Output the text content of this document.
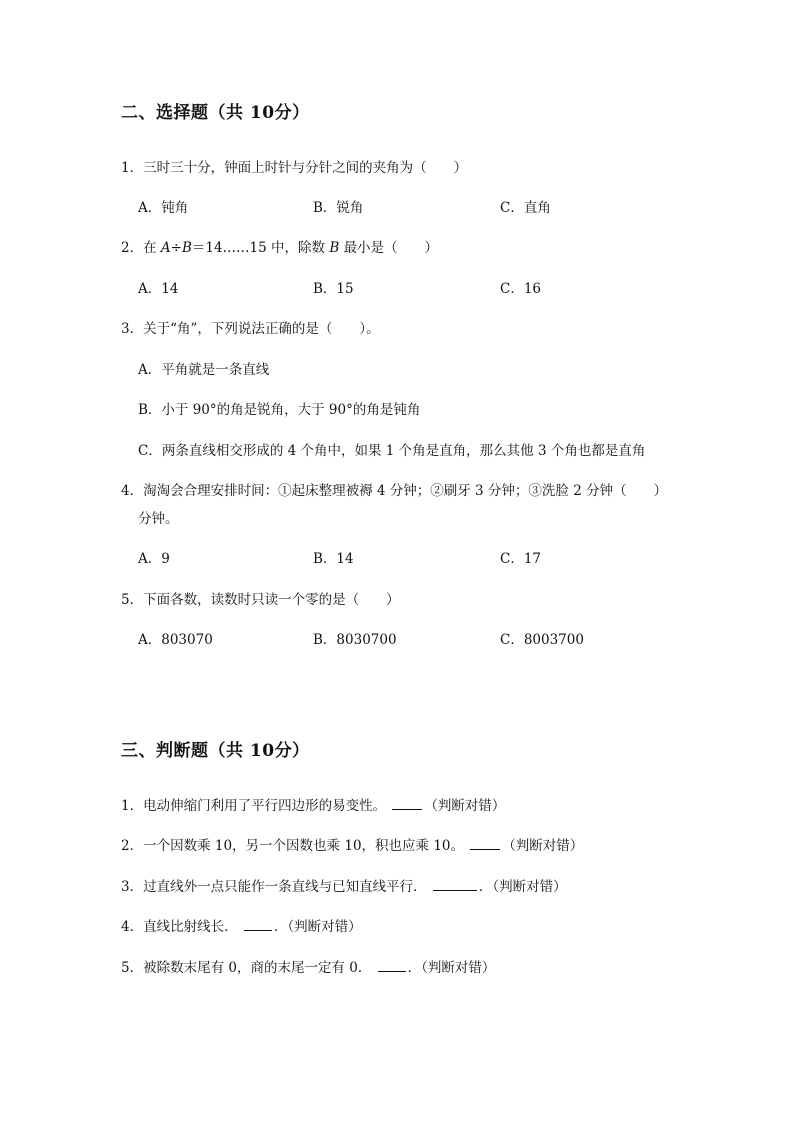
二、选择题（共 10分）
1．三时三十分，钟面上时针与分针之间的夹角为（　　）
A．钝角	B．锐角	C．直角
2．在 A÷B＝14……15 中，除数 B 最小是（　　）
A．14	B．15	C．16
3．关于“角”，下列说法正确的是（　　）。
A．平角就是一条直线
B．小于 90°的角是锐角，大于 90°的角是钝角
C．两条直线相交形成的 4 个角中，如果 1 个角是直角，那么其他 3 个角也都是直角
4．淘淘会合理安排时间：①起床整理被褥 4 分钟；②刷牙 3 分钟；③洗脸 2 分钟（　　）
分钟。
A．9	B．14	C．17
5．下面各数，读数时只读一个零的是（　　）
A．803070	B．8030700	C．8003700
三、判断题（共 10分）
1．电动伸缩门利用了平行四边形的易变性。	（判断对错）
2．一个因数乘 10，另一个因数也乘 10，积也应乘 10。	（判断对错）
3．过直线外一点只能作一条直线与已知直线平行．	．（判断对错）
4．直线比射线长．	．（判断对错）
5．被除数末尾有 0，商的末尾一定有 0．	．（判断对错）
